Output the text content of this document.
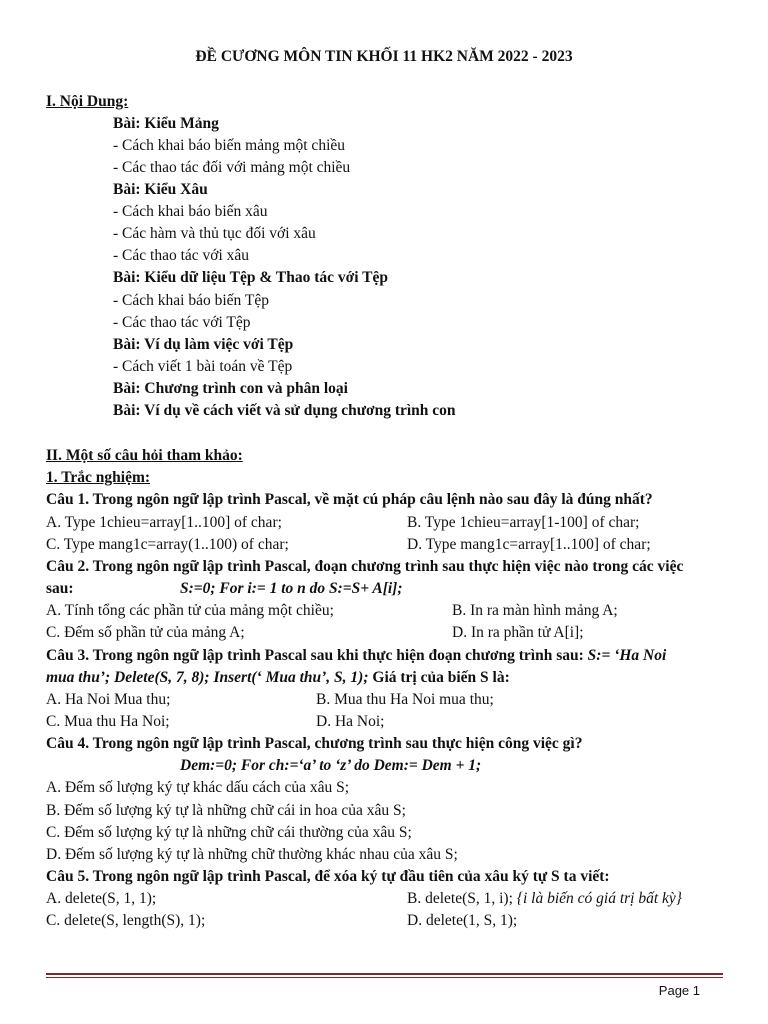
ĐỀ CƯƠNG MÔN TIN KHỐI 11 HK2 NĂM 2022 - 2023
I. Nội Dung:
Bài: Kiểu Mảng
- Cách khai báo biến mảng một chiều
- Các thao tác đối với mảng một chiều
Bài: Kiểu Xâu
- Cách khai báo biến xâu
- Các hàm và thủ tục đối với xâu
- Các thao tác với xâu
Bài: Kiểu dữ liệu Tệp & Thao tác với Tệp
- Cách khai báo biến Tệp
- Các thao tác với Tệp
Bài: Ví dụ làm việc với Tệp
- Cách viết 1 bài toán về Tệp
Bài: Chương trình con và phân loại
Bài: Ví dụ về cách viết và sử dụng chương trình con
II. Một số câu hỏi tham khảo:
1. Trắc nghiệm:
Câu 1. Trong ngôn ngữ lập trình Pascal, về mặt cú pháp câu lệnh nào sau đây là đúng nhất?
A. Type 1chieu=array[1..100] of char;	B. Type 1chieu=array[1-100] of char;
C. Type mang1c=array(1..100) of char;	D. Type mang1c=array[1..100] of char;
Câu 2. Trong ngôn ngữ lập trình Pascal, đoạn chương trình sau thực hiện việc nào trong các việc
sau:	S:=0; For i:= 1 to n do S:=S+ A[i];
A. Tính tổng các phần tử của mảng một chiều;	B. In ra màn hình mảng A;
C. Đếm số phần tử của mảng A;	D. In ra phần tử A[i];
Câu 3. Trong ngôn ngữ lập trình Pascal sau khi thực hiện đoạn chương trình sau: S:= ‘Ha Noi
mua thu’; Delete(S, 7, 8); Insert(‘ Mua thu’, S, 1); Giá trị của biến S là:
A. Ha Noi Mua thu;	B. Mua thu Ha Noi mua thu;
C. Mua thu Ha Noi;	D. Ha Noi;
Câu 4. Trong ngôn ngữ lập trình Pascal, chương trình sau thực hiện công việc gì?
Dem:=0; For ch:=‘a’ to ‘z’ do Dem:= Dem + 1;
A. Đếm số lượng ký tự khác dấu cách của xâu S;
B. Đếm số lượng ký tự là những chữ cái in hoa của xâu S;
C. Đếm số lượng ký tự là những chữ cái thường của xâu S;
D. Đếm số lượng ký tự là những chữ thường khác nhau của xâu S;
Câu 5. Trong ngôn ngữ lập trình Pascal, để xóa ký tự đầu tiên của xâu ký tự S ta viết:
A. delete(S, 1, 1);	B. delete(S, 1, i); {i là biến có giá trị bất kỳ}
C. delete(S, length(S), 1);	D. delete(1, S, 1);
Page 1
